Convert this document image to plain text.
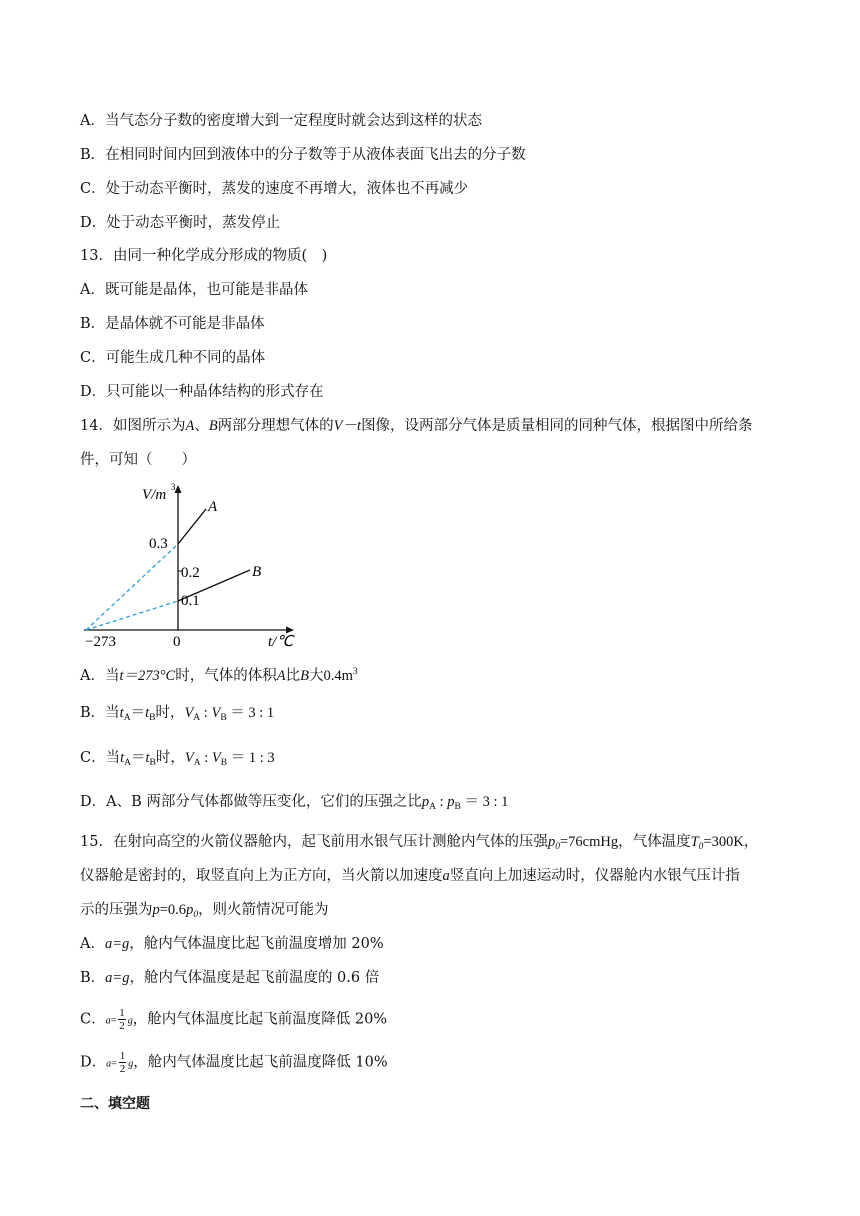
A．当气态分子数的密度增大到一定程度时就会达到这样的状态
B．在相同时间内回到液体中的分子数等于从液体表面飞出去的分子数
C．处于动态平衡时，蒸发的速度不再增大，液体也不再减少
D．处于动态平衡时，蒸发停止
13．由同一种化学成分形成的物质(　)
A．既可能是晶体，也可能是非晶体
B．是晶体就不可能是非晶体
C．可能生成几种不同的晶体
D．只可能以一种晶体结构的形式存在
14．如图所示为A、B两部分理想气体的V－t图像，设两部分气体是质量相同的同种气体，根据图中所给条
件，可知（　　）
V/m 3
A
B
0.3
0.2
0.1
−273	0	t/℃
A．当t＝273°C时，气体的体积A比B大$0.4m^3$
B．当$t_A=t_B$时，$V_A$ : $V_B = 3$ : 1
C．当$t_A=t_B$时，$V_A$ : $V_B = 1$ : 3
D．A、B 两部分气体都做等压变化，它们的压强之比$p_A$ : $p_B = 3$ : 1
15．在射向高空的火箭仪器舱内，起飞前用水银气压计测舱内气体的压强$p_0=76cmHg$，气体温度$T_0=300K$，
仪器舱是密封的，取竖直向上为正方向，当火箭以加速度a竖直向上加速运动时，仪器舱内水银气压计指
示的压强为$p=0.6p_0$，则火箭情况可能为
A．a=g，舱内气体温度比起飞前温度增加 20%
B．a=g，舱内气体温度是起飞前温度的 0.6 倍
C．$a= \frac{1}{2}$ g，舱内气体温度比起飞前温度降低 20%
D．$a= \frac{1}{2}$ g，舱内气体温度比起飞前温度降低 10%
二、填空题
